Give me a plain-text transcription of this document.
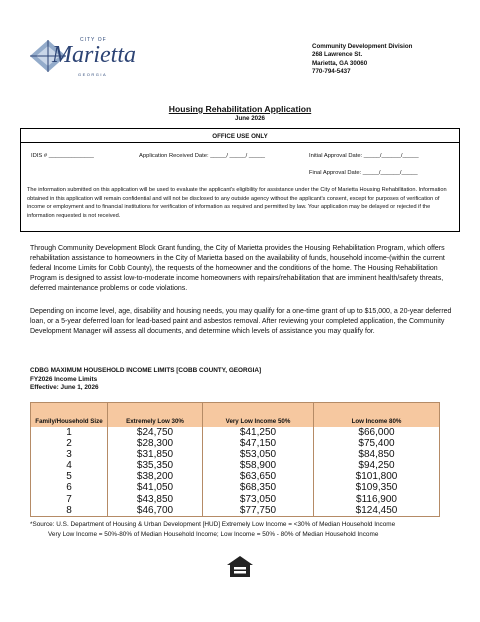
CITY OF
Marietta
GEORGIA
Community Development Division
268 Lawrence St.
Marietta, GA 30060
770-794-5437
Housing Rehabilitation Application
June 2026
OFFICE USE ONLY
IDIS # ______________	Application Received Date: _____/ _____/ _____	Initial Approval Date: _____/______/_____
Final Approval Date: _____/______/_____
The information submitted on this application will be used to evaluate the applicant's eligibility for assistance under the City of Marietta Housing Rehabilitation. Information obtained in this application will remain confidential and will not be disclosed to any outside agency without the applicant's consent, except for purposes of verification of income or employment and to financial institutions for verification of information as required and permitted by law. Your application may be delayed or rejected if the information requested is not received.
Through Community Development Block Grant funding, the City of Marietta provides the Housing Rehabilitation Program, which offers rehabilitation assistance to homeowners in the City of Marietta based on the availability of funds, household income-(within the current federal Income Limits for Cobb County), the requests of the homeowner and the conditions of the home. The Housing Rehabilitation Program is designed to assist low-to-moderate income homeowners with repairs/rehabilitation that are imminent health/safety threats, deferred maintenance problems or code violations.
Depending on income level, age, disability and housing needs, you may qualify for a one-time grant of up to $15,000, a 20-year deferred loan, or a 5-year deferred loan for lead-based paint and asbestos removal. After reviewing your completed application, the Community Development Manager will assess all documents, and determine which levels of assistance you may qualify for.
CDBG MAXIMUM HOUSEHOLD INCOME LIMITS [COBB COUNTY, GEORGIA]
FY2026 Income Limits
Effective: June 1, 2026
Family/Household Size	Extremely Low 30%	Very Low Income 50%	Low Income 80%
1	$24,750	$41,250	$66,000
2	$28,300	$47,150	$75,400
3	$31,850	$53,050	$84,850
4	$35,350	$58,900	$94,250
5	$38,200	$63,650	$101,800
6	$41,050	$68,350	$109,350
7	$43,850	$73,050	$116,900
8	$46,700	$77,750	$124,450
*Source: U.S. Department of Housing & Urban Development [HUD] Extremely Low Income = <30% of Median Household Income
Very Low Income = 50%-80% of Median Household Income; Low Income = 50% - 80% of Median Household Income
